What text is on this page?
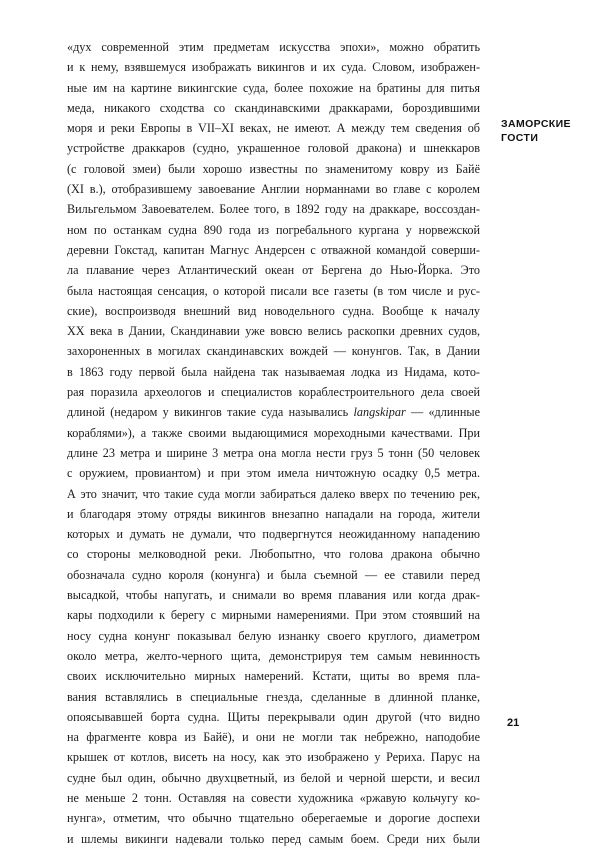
«дух современной этим предметам искусства эпохи», можно обратить
и к нему, взявшемуся изображать викингов и их суда. Словом, изображен-
ные им на картине викингские суда, более похожие на братины для питья
меда, никакого сходства со скандинавскими драккарами, бороздившими
моря и реки Европы в VII–XI веках, не имеют. А между тем сведения об
устройстве драккаров (судно, украшенное головой дракона) и шнеккаров
(с головой змеи) были хорошо известны по знаменитому ковру из Байё
(XI в.), отобразившему завоевание Англии норманнами во главе с королем
Вильгельмом Завоевателем. Более того, в 1892 году на драккаре, воссоздан-
ном по останкам судна 890 года из погребального кургана у норвежской
деревни Гокстад, капитан Магнус Андерсен с отважной командой соверши-
ла плавание через Атлантический океан от Бергена до Нью-Йорка. Это
была настоящая сенсация, о которой писали все газеты (в том числе и рус-
ские), воспроизводя внешний вид новодельного судна. Вообще к началу
XX века в Дании, Скандинавии уже вовсю велись раскопки древних судов,
захороненных в могилах скандинавских вождей — конунгов. Так, в Дании
в 1863 году первой была найдена так называемая лодка из Нидама, кото-
рая поразила археологов и специалистов кораблестроительного дела своей
длиной (недаром у викингов такие суда назывались langskipar — «длинные
кораблями»), а также своими выдающимися мореходными качествами. При
длине 23 метра и ширине 3 метра она могла нести груз 5 тонн (50 человек
с оружием, провиантом) и при этом имела ничтожную осадку 0,5 метра.
А это значит, что такие суда могли забираться далеко вверх по течению рек,
и благодаря этому отряды викингов внезапно нападали на города, жители
которых и думать не думали, что подвергнутся неожиданному нападению
со стороны мелководной реки. Любопытно, что голова дракона обычно
обозначала судно короля (конунга) и была съемной — ее ставили перед
высадкой, чтобы напугать, и снимали во время плавания или когда драк-
кары подходили к берегу с мирными намерениями. При этом стоявший на
носу судна конунг показывал белую изнанку своего круглого, диаметром
около метра, желто-черного щита, демонстрируя тем самым невинность
своих исключительно мирных намерений. Кстати, щиты во время пла-
вания вставлялись в специальные гнезда, сделанные в длинной планке,
опоясывавшей борта судна. Щиты перекрывали один другой (что видно
на фрагменте ковра из Байё), и они не могли так небрежно, наподобие
крышек от котлов, висеть на носу, как это изображено у Рериха. Парус на
судне был один, обычно двухцветный, из белой и черной шерсти, и весил
не меньше 2 тонн. Оставляя на совести художника «ржавую кольчугу ко-
нунга», отметим, что обычно тщательно оберегаемые и дорогие доспехи
и шлемы викинги надевали только перед самым боем. Среди них были
ЗАМОРСКИЕ
ГОСТИ
21
